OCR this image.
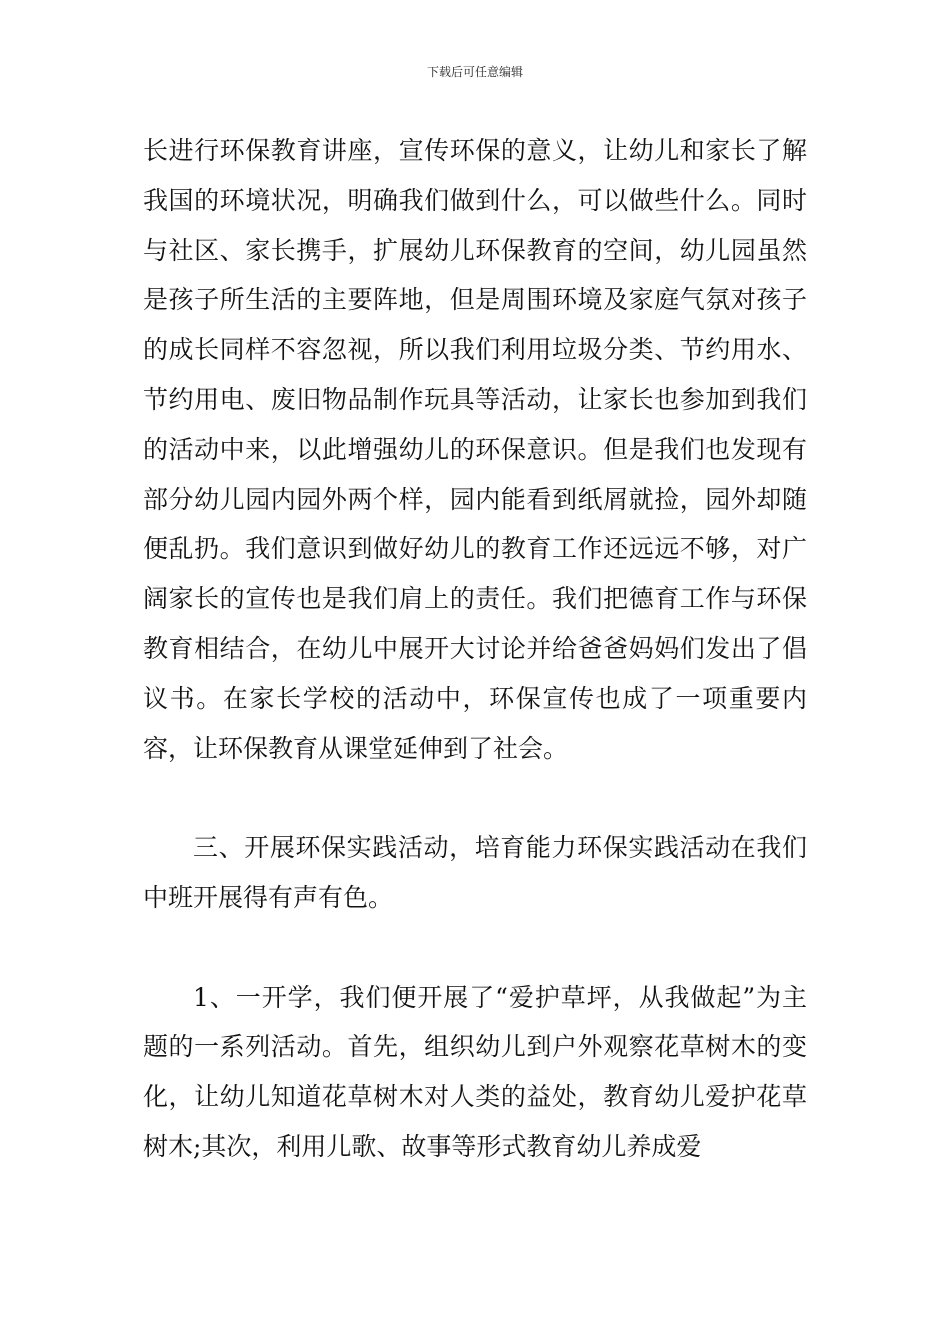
下载后可任意编辑

长进行环保教育讲座，宣传环保的意义，让幼儿和家长了解我国的环境状况，明确我们做到什么，可以做些什么。同时与社区、家长携手，扩展幼儿环保教育的空间，幼儿园虽然是孩子所生活的主要阵地，但是周围环境及家庭气氛对孩子的成长同样不容忽视，所以我们利用垃圾分类、节约用水、节约用电、废旧物品制作玩具等活动，让家长也参加到我们的活动中来，以此增强幼儿的环保意识。但是我们也发现有部分幼儿园内园外两个样，园内能看到纸屑就捡，园外却随便乱扔。我们意识到做好幼儿的教育工作还远远不够，对广阔家长的宣传也是我们肩上的责任。我们把德育工作与环保教育相结合，在幼儿中展开大讨论并给爸爸妈妈们发出了倡议书。在家长学校的活动中，环保宣传也成了一项重要内容，让环保教育从课堂延伸到了社会。

三、开展环保实践活动，培育能力环保实践活动在我们中班开展得有声有色。

1、一开学，我们便开展了“爱护草坪，从我做起”为主题的一系列活动。首先，组织幼儿到户外观察花草树木的变化，让幼儿知道花草树木对人类的益处，教育幼儿爱护花草树木;其次，利用儿歌、故事等形式教育幼儿养成爱
